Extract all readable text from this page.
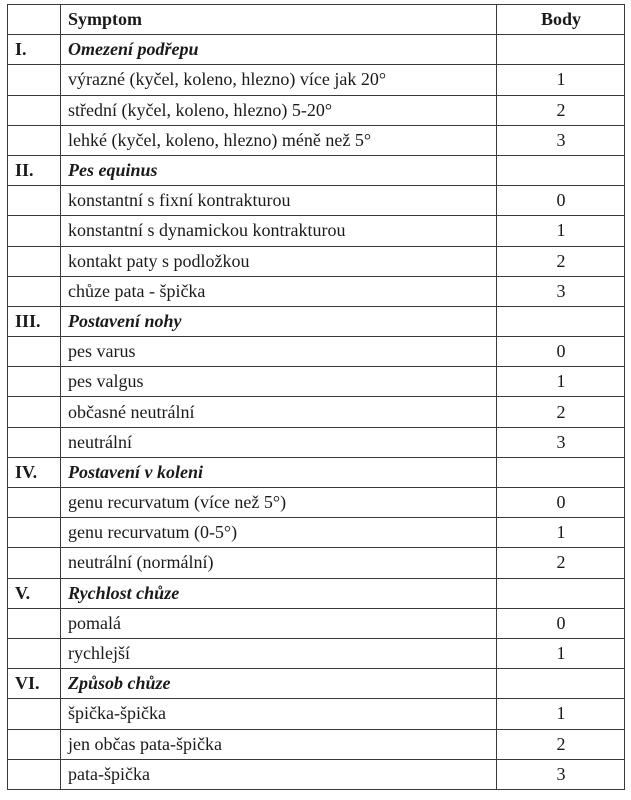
	Symptom	Body
I.	Omezení podřepu	
	výrazné (kyčel, koleno, hlezno) více jak 20°	1
	střední (kyčel, koleno, hlezno) 5-20°	2
	lehké (kyčel, koleno, hlezno) méně než 5°	3
II.	Pes equinus	
	konstantní s fixní kontrakturou	0
	konstantní s dynamickou kontrakturou	1
	kontakt paty s podložkou	2
	chůze pata - špička	3
III.	Postavení nohy	
	pes varus	0
	pes valgus	1
	občasné neutrální	2
	neutrální	3
IV.	Postavení v koleni	
	genu recurvatum (více než 5°)	0
	genu recurvatum (0-5°)	1
	neutrální (normální)	2
V.	Rychlost chůze	
	pomalá	0
	rychlejší	1
VI.	Způsob chůze	
	špička-špička	1
	jen občas pata-špička	2
	pata-špička	3
